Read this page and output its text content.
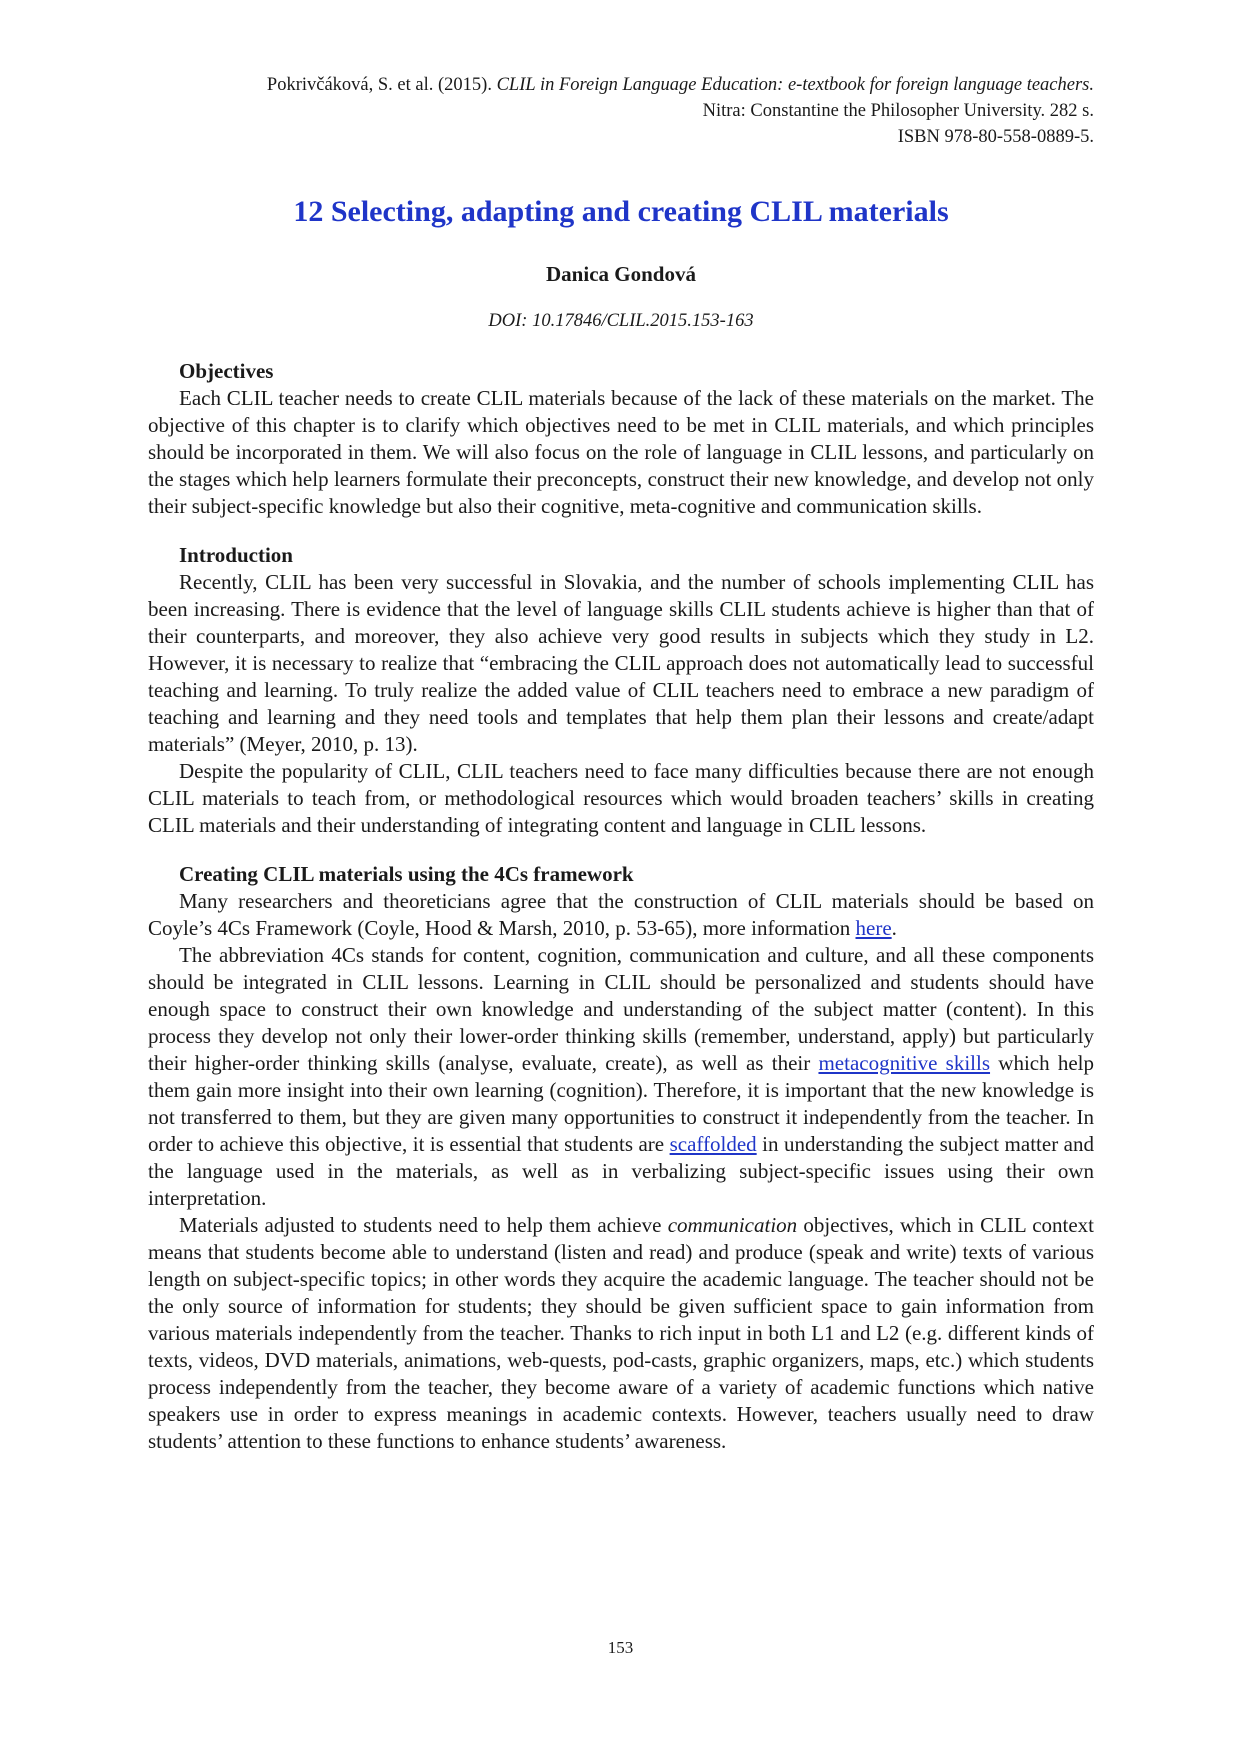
Pokrivčáková, S. et al. (2015). CLIL in Foreign Language Education: e-textbook for foreign language teachers.
Nitra: Constantine the Philosopher University. 282 s.
ISBN 978-80-558-0889-5.
12 Selecting, adapting and creating CLIL materials
Danica Gondová
DOI: 10.17846/CLIL.2015.153-163
Objectives

Each CLIL teacher needs to create CLIL materials because of the lack of these materials on the market. The objective of this chapter is to clarify which objectives need to be met in CLIL materials, and which principles should be incorporated in them. We will also focus on the role of language in CLIL lessons, and particularly on the stages which help learners formulate their preconcepts, construct their new knowledge, and develop not only their subject-specific knowledge but also their cognitive, meta-cognitive and communication skills.

Introduction

Recently, CLIL has been very successful in Slovakia, and the number of schools implementing CLIL has been increasing. There is evidence that the level of language skills CLIL students achieve is higher than that of their counterparts, and moreover, they also achieve very good results in subjects which they study in L2. However, it is necessary to realize that “embracing the CLIL approach does not automatically lead to successful teaching and learning. To truly realize the added value of CLIL teachers need to embrace a new paradigm of teaching and learning and they need tools and templates that help them plan their lessons and create/adapt materials” (Meyer, 2010, p. 13).

Despite the popularity of CLIL, CLIL teachers need to face many difficulties because there are not enough CLIL materials to teach from, or methodological resources which would broaden teachers’ skills in creating CLIL materials and their understanding of integrating content and language in CLIL lessons.

Creating CLIL materials using the 4Cs framework

Many researchers and theoreticians agree that the construction of CLIL materials should be based on Coyle’s 4Cs Framework (Coyle, Hood & Marsh, 2010, p. 53-65), more information here.

The abbreviation 4Cs stands for content, cognition, communication and culture, and all these components should be integrated in CLIL lessons. Learning in CLIL should be personalized and students should have enough space to construct their own knowledge and understanding of the subject matter (content). In this process they develop not only their lower-order thinking skills (remember, understand, apply) but particularly their higher-order thinking skills (analyse, evaluate, create), as well as their metacognitive skills which help them gain more insight into their own learning (cognition). Therefore, it is important that the new knowledge is not transferred to them, but they are given many opportunities to construct it independently from the teacher. In order to achieve this objective, it is essential that students are scaffolded in understanding the subject matter and the language used in the materials, as well as in verbalizing subject-specific issues using their own interpretation.

Materials adjusted to students need to help them achieve communication objectives, which in CLIL context means that students become able to understand (listen and read) and produce (speak and write) texts of various length on subject-specific topics; in other words they acquire the academic language. The teacher should not be the only source of information for students; they should be given sufficient space to gain information from various materials independently from the teacher. Thanks to rich input in both L1 and L2 (e.g. different kinds of texts, videos, DVD materials, animations, web-quests, pod-casts, graphic organizers, maps, etc.) which students process independently from the teacher, they become aware of a variety of academic functions which native speakers use in order to express meanings in academic contexts. However, teachers usually need to draw students’ attention to these functions to enhance students’ awareness.

153
